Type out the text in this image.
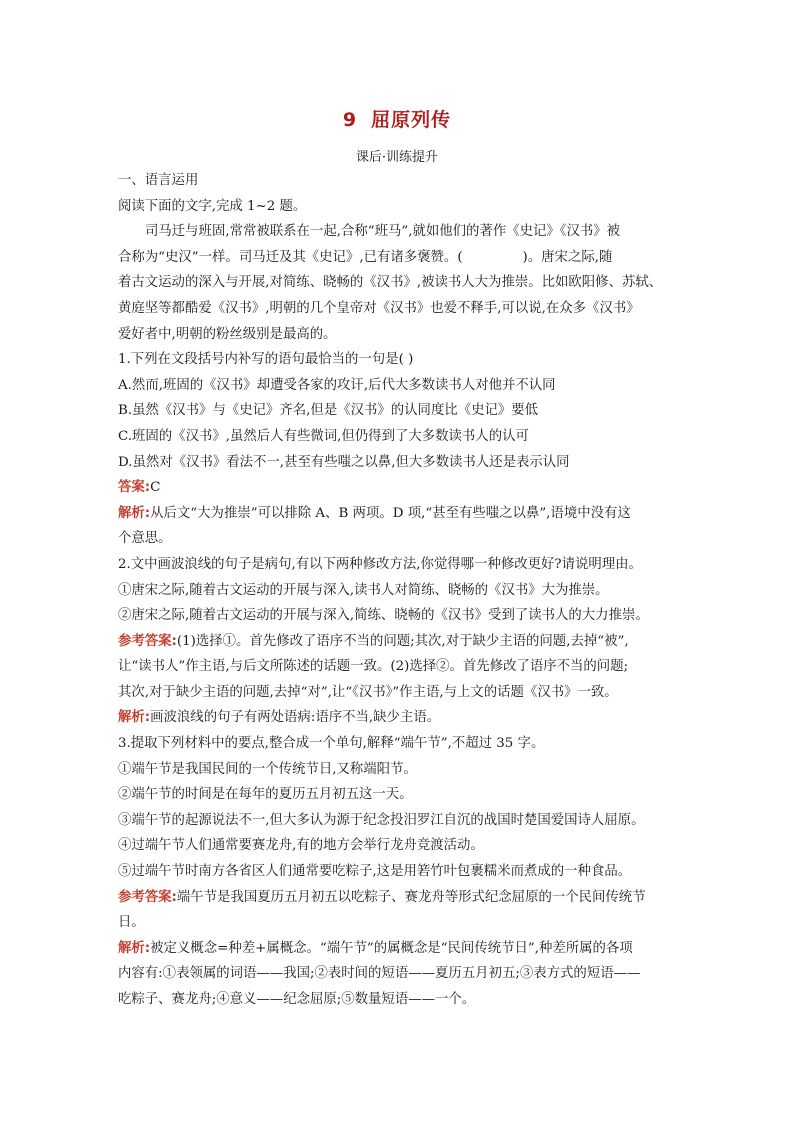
9 屈原列传
课后·训练提升

一、语言运用

阅读下面的文字,完成 1~2 题。

司马迁与班固,常常被联系在一起,合称“班马”,就如他们的著作《史记》《汉书》被

合称为“史汉”一样。司马迁及其《史记》,已有诸多褒赞。(	)。唐宋之际,随

着古文运动的深入与开展,对简练、晓畅的《汉书》,被读书人大为推崇。比如欧阳修、苏轼、

黄庭坚等都酷爱《汉书》,明朝的几个皇帝对《汉书》也爱不释手,可以说,在众多《汉书》

爱好者中,明朝的粉丝级别是最高的。

1.下列在文段括号内补写的语句最恰当的一句是( )

A.然而,班固的《汉书》却遭受各家的攻讦,后代大多数读书人对他并不认同

B.虽然《汉书》与《史记》齐名,但是《汉书》的认同度比《史记》要低

C.班固的《汉书》,虽然后人有些微词,但仍得到了大多数读书人的认可

D.虽然对《汉书》看法不一,甚至有些嗤之以鼻,但大多数读书人还是表示认同

答案:C

解析:从后文“大为推崇”可以排除 A、B 两项。D 项,“甚至有些嗤之以鼻”,语境中没有这

个意思。

2.文中画波浪线的句子是病句,有以下两种修改方法,你觉得哪一种修改更好?请说明理由。

①唐宋之际,随着古文运动的开展与深入,读书人对简练、晓畅的《汉书》大为推崇。

②唐宋之际,随着古文运动的开展与深入,简练、晓畅的《汉书》受到了读书人的大力推崇。

参考答案:(1)选择①。首先修改了语序不当的问题;其次,对于缺少主语的问题,去掉“被”,

让“读书人”作主语,与后文所陈述的话题一致。(2)选择②。首先修改了语序不当的问题;

其次,对于缺少主语的问题,去掉“对”,让“《汉书》”作主语,与上文的话题《汉书》一致。

解析:画波浪线的句子有两处语病:语序不当,缺少主语。

3.提取下列材料中的要点,整合成一个单句,解释“端午节”,不超过 35 字。

①端午节是我国民间的一个传统节日,又称端阳节。

②端午节的时间是在每年的夏历五月初五这一天。

③端午节的起源说法不一,但大多认为源于纪念投汨罗江自沉的战国时楚国爱国诗人屈原。

④过端午节人们通常要赛龙舟,有的地方会举行龙舟竞渡活动。

⑤过端午节时南方各省区人们通常要吃粽子,这是用箬竹叶包裹糯米而煮成的一种食品。

参考答案:端午节是我国夏历五月初五以吃粽子、赛龙舟等形式纪念屈原的一个民间传统节

日。

解析:被定义概念=种差+属概念。“端午节”的属概念是“民间传统节日”,种差所属的各项

内容有:①表领属的词语——我国;②表时间的短语——夏历五月初五;③表方式的短语——

吃粽子、赛龙舟;④意义——纪念屈原;⑤数量短语——一个。
